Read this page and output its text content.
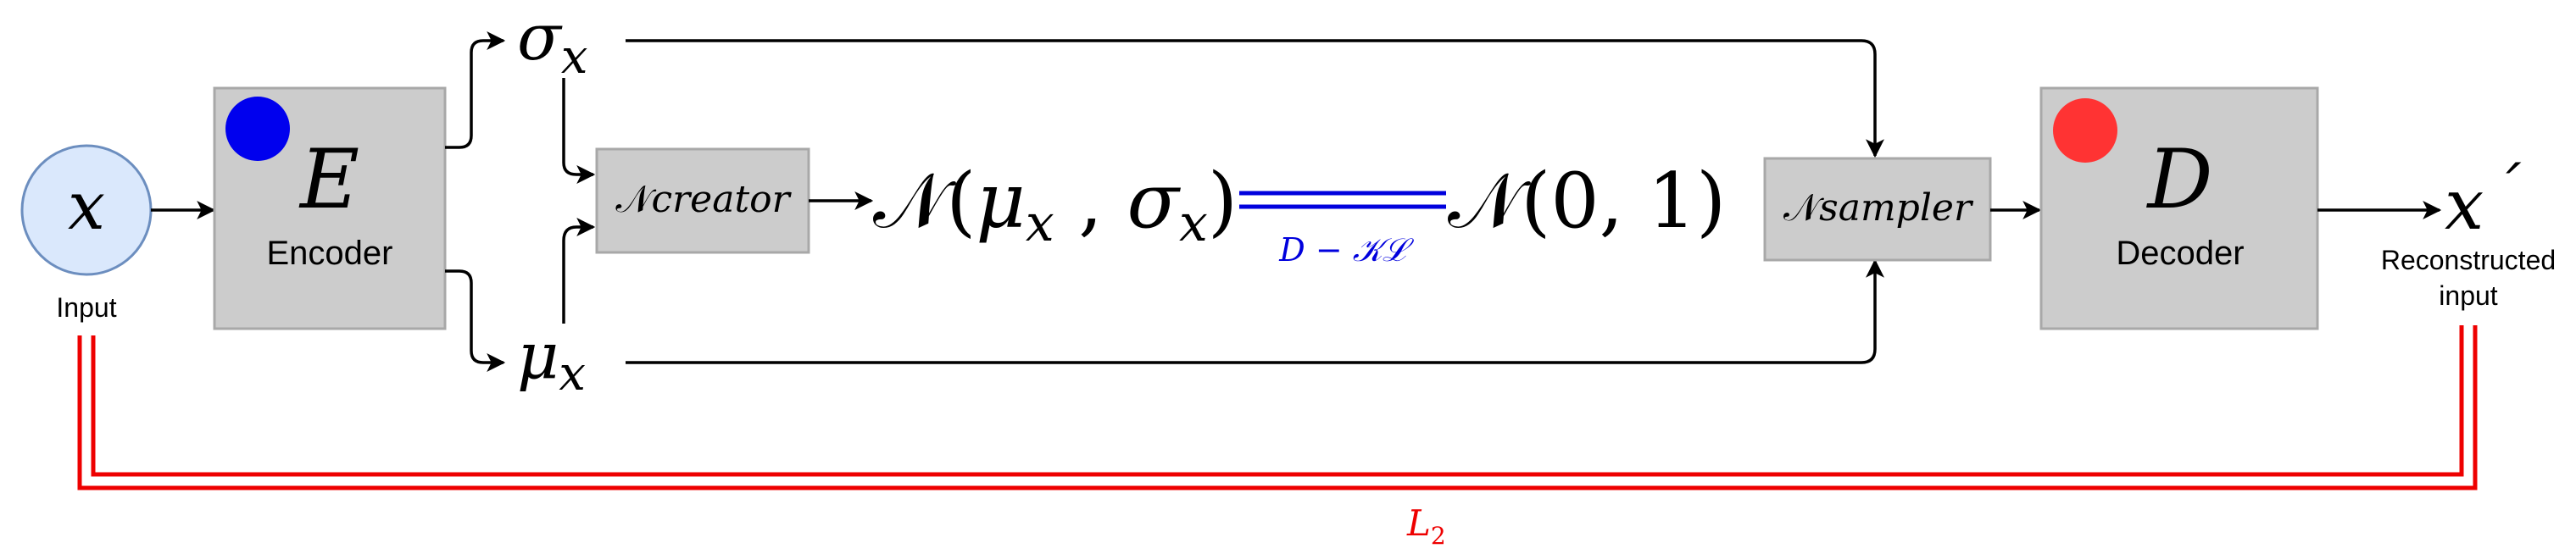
x
Input
E
Encoder
$\sigma_x$
μx
𝒩creator 𝒩(μx , σx)
D − 𝒦ℒ
𝒩(0, 1) 𝒩sampler D
Decoder
x ´
Reconstructed
input
$L_2$
